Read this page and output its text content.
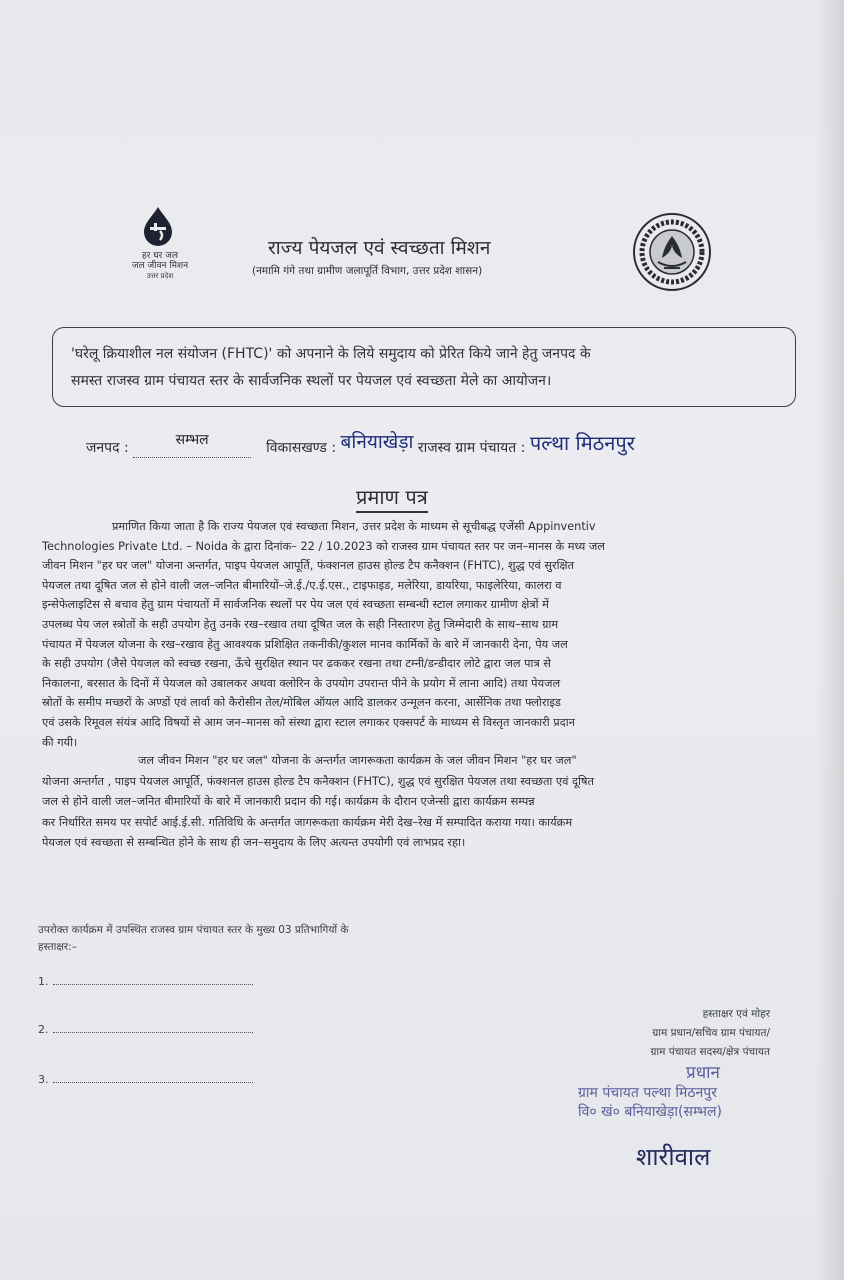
हर घर जल
जल जीवन मिशन
उत्तर प्रदेश
राज्य पेयजल एवं स्वच्छता मिशन
(नमामि गंगे तथा ग्रामीण जलापूर्ति विभाग, उत्तर प्रदेश शासन)
'घरेलू क्रियाशील नल संयोजन (FHTC)' को अपनाने के लिये समुदाय को प्रेरित किये जाने हेतु जनपद के
समस्त राजस्व ग्राम पंचायत स्तर के सार्वजनिक स्थलों पर पेयजल एवं स्वच्छता मेले का आयोजन।
जनपद :	सम्भल	विकासखण्ड : बनियाखेड़ा राजस्व ग्राम पंचायत : पल्था मिठनपुर
प्रमाण पत्र
प्रमाणित किया जाता है कि राज्य पेयजल एवं स्वच्छता मिशन, उत्तर प्रदेश के माध्यम से सूचीबद्ध एजेंसी Appinventiv
Technologies Private Ltd. – Noida के द्वारा दिनांक– 22 / 10.2023 को राजस्व ग्राम पंचायत स्तर पर जन–मानस के मध्य जल
जीवन मिशन "हर घर जल" योजना अन्तर्गत, पाइप पेयजल आपूर्ति, फंक्शनल हाउस होल्ड टैप कनैक्शन (FHTC), शुद्ध एवं सुरक्षित
पेयजल तथा दूषित जल से होने वाली जल–जनित बीमारियों–जे.ई./ए.ई.एस., टाइफाइड, मलेरिया, डायरिया, फाइलेरिया, कालरा व
इन्सेफेलाइटिस से बचाव हेतु ग्राम पंचायतों में सार्वजनिक स्थलों पर पेय जल एवं स्वच्छता सम्बन्धी स्टाल लगाकर ग्रामीण क्षेत्रों में
उपलब्ध पेय जल स्त्रोतों के सही उपयोग हेतु उनके रख–रखाव तथा दूषित जल के सही निस्तारण हेतु जिम्मेदारी के साथ–साथ ग्राम
पंचायत में पेयजल योजना के रख–रखाव हेतु आवश्यक प्रशिक्षित तकनीकी/कुशल मानव कार्मिकों के बारे में जानकारी देना, पेय जल
के सही उपयोग (जैसे पेयजल को स्वच्छ रखना, ऊँचे सुरक्षित स्थान पर ढककर रखना तथा टम्नी/डन्डीदार लोटे द्वारा जल पात्र से
निकालना, बरसात के दिनों में पेयजल को उबालकर अथवा क्लोरिन के उपयोग उपरान्त पीने के प्रयोग में लाना आदि) तथा पेयजल
स्रोतों के समीप मच्छरों के अण्डों एवं लार्वा को कैरोसीन तेल/मोबिल ऑयल आदि डालकर उन्मूलन करना, आर्सेनिक तथा फ्लोराइड
एवं उसके रिमूवल संयंत्र आदि विषयों से आम जन–मानस को संस्था द्वारा स्टाल लगाकर एक्सपर्ट के माध्यम से विस्तृत जानकारी प्रदान
की गयी।
जल जीवन मिशन "हर घर जल" योजना के अन्तर्गत जागरूकता कार्यक्रम के जल जीवन मिशन "हर घर जल"
योजना अन्तर्गत , पाइप पेयजल आपूर्ति, फंक्शनल हाउस होल्ड टैप कनैक्शन (FHTC), शुद्ध एवं सुरक्षित पेयजल तथा स्वच्छता एवं दूषित
जल से होने वाली जल–जनित बीमारियों के बारे में जानकारी प्रदान की गई। कार्यक्रम के दौरान एजेन्सी द्वारा कार्यक्रम सम्पन्न
कर निर्धारित समय पर सपोर्ट आई.ई.सी. गतिविधि के अन्तर्गत जागरूकता कार्यक्रम मेरी देख–रेख में सम्पादित कराया गया। कार्यक्रम
पेयजल एवं स्वच्छता से सम्बन्धित होने के साथ ही जन–समुदाय के लिए अत्यन्त उपयोगी एवं लाभप्रद रहा।
उपरोक्त कार्यक्रम में उपस्थित राजस्व ग्राम पंचायत स्तर के मुख्य 03 प्रतिभागियों के
हस्ताक्षर:–
1.
2.
3.
हस्ताक्षर एवं मोहर
ग्राम प्रधान/सचिव ग्राम पंचायत/
ग्राम पंचायत सदस्य/क्षेत्र पंचायत
प्रधान
ग्राम पंचायत पल्था मिठनपुर
वि० खं० बनियाखेड़ा(सम्भल)
शारीवाल
